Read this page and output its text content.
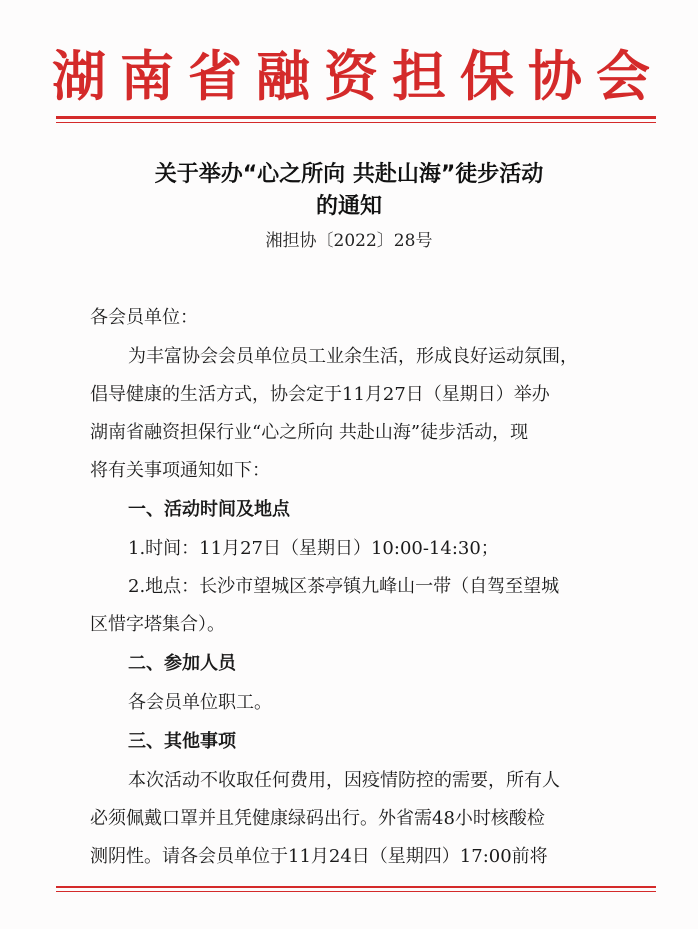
湖南省融资担保协会
关于举办“心之所向 共赴山海”徒步活动
的通知
湘担协〔2022〕28号
各会员单位：
为丰富协会会员单位员工业余生活，形成良好运动氛围，
倡导健康的生活方式，协会定于11月27日（星期日）举办
湖南省融资担保行业“心之所向 共赴山海”徒步活动，现
将有关事项通知如下：
一、活动时间及地点
1.时间：11月27日（星期日）10:00-14:30；
2.地点：长沙市望城区茶亭镇九峰山一带（自驾至望城
区惜字塔集合）。
二、参加人员
各会员单位职工。
三、其他事项
本次活动不收取任何费用，因疫情防控的需要，所有人
必须佩戴口罩并且凭健康绿码出行。外省需48小时核酸检
测阴性。请各会员单位于11月24日（星期四）17:00前将
